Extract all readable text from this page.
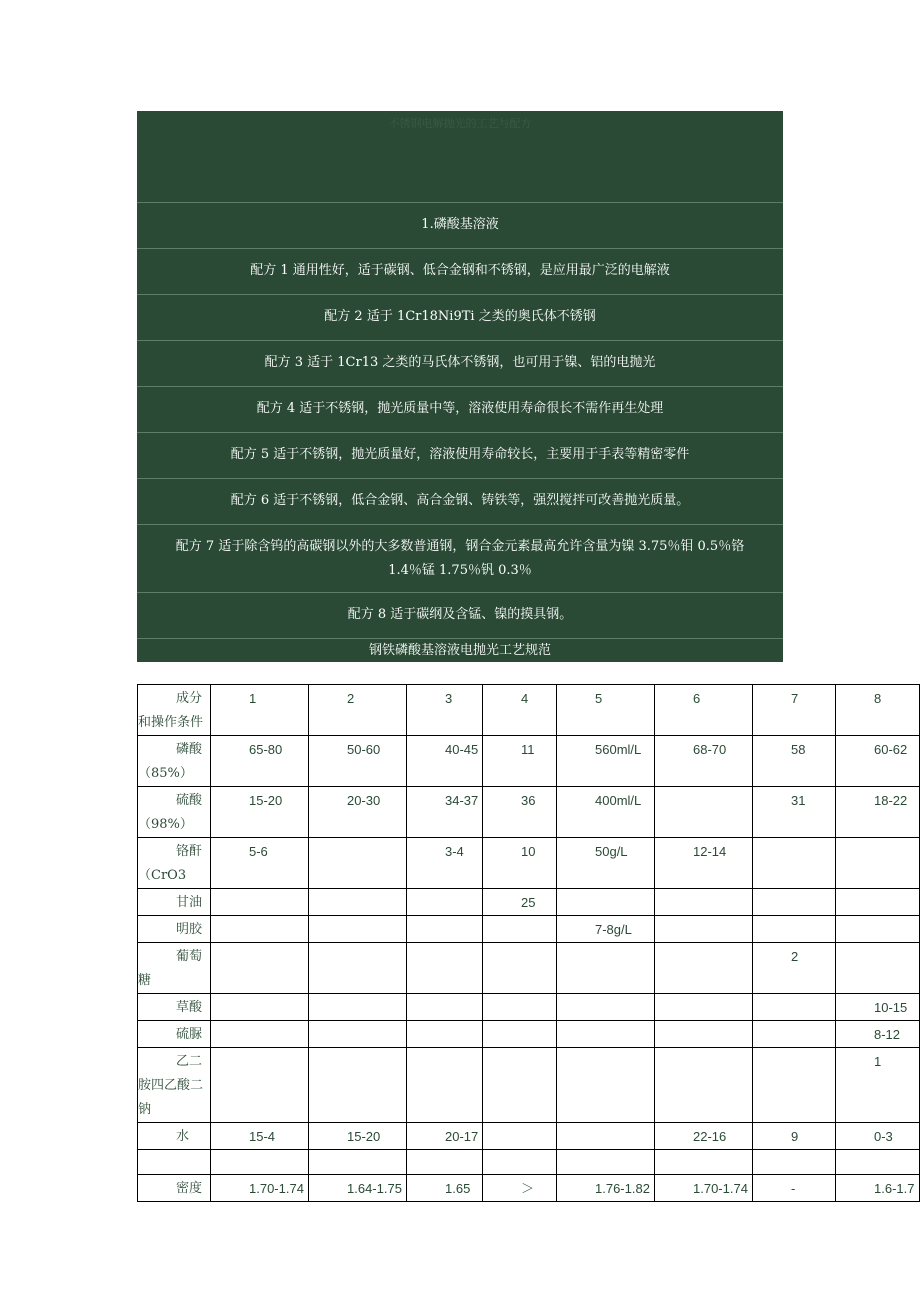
不锈钢电解抛光的工艺与配方
1.磷酸基溶液
配方 1 通用性好，适于碳钢、低合金钢和不锈钢，是应用最广泛的电解液
配方 2 适于 1Cr18Ni9Ti 之类的奥氏体不锈钢
配方 3 适于 1Cr13 之类的马氏体不锈钢，也可用于镍、铝的电抛光
配方 4 适于不锈钢，抛光质量中等，溶液使用寿命很长不需作再生处理
配方 5 适于不锈钢，抛光质量好，溶液使用寿命较长，主要用于手表等精密零件
配方 6 适于不锈钢，低合金钢、高合金钢、铸铁等，强烈搅拌可改善抛光质量。
配方 7 适于除含钨的高碳钢以外的大多数普通钢，钢合金元素最高允许含量为镍 3.75％钼 0.5％铬
1.4％锰 1.75％钒 0.3％
配方 8 适于碳纲及含锰、镍的摸具钢。
钢铁磷酸基溶液电抛光工艺规范
成分和操作条件	1	2	3	4	5	6	7	8

磷酸（85%）	65-80	50-60	40-45	11	560ml/L	68-70	58	60-62

硫酸（98%）	15-20	20-30	34-37	36	400ml/L		31	18-22

铬酐（CrO3	5-6		3-4	10	50g/L	12-14		

甘油				25				

明胶					7-8g/L			

葡萄糖							2	

草酸								10-15

硫脲								8-12

乙二胺四乙酸二钠								1

水	15-4	15-20	20-17			22-16	9	0-3

密度	1.70-1.74	1.64-1.75	1.65	＞	1.76-1.82	1.70-1.74	-	1.6-1.7
